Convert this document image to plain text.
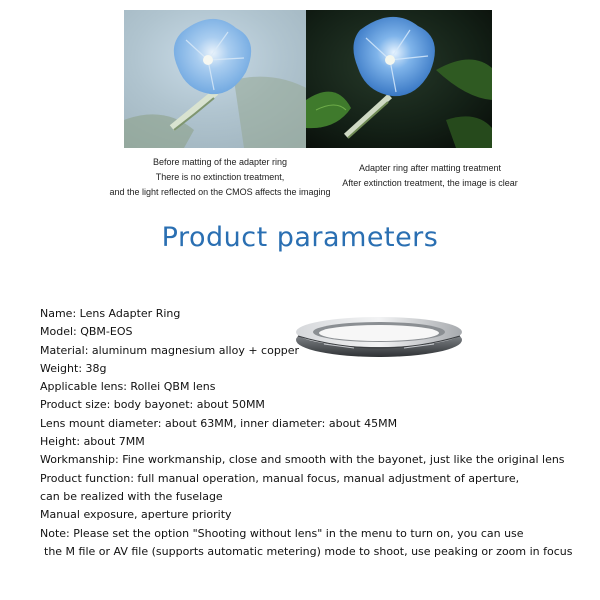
Before matting of the adapter ring
There is no extinction treatment,
and the light reflected on the CMOS affects the imaging
Adapter ring after matting treatment
After extinction treatment, the image is clear
Product parameters
Name: Lens Adapter Ring
Model: QBM-EOS
Material: aluminum magnesium alloy + copper
Weight: 38g
Applicable lens: Rollei QBM lens
Product size: body bayonet: about 50MM
Lens mount diameter: about 63MM, inner diameter: about 45MM
Height: about 7MM
Workmanship: Fine workmanship, close and smooth with the bayonet, just like the original lens
Product function: full manual operation, manual focus, manual adjustment of aperture,
can be realized with the fuselage
Manual exposure, aperture priority
Note: Please set the option "Shooting without lens" in the menu to turn on, you can use
the M file or AV file (supports automatic metering) mode to shoot, use peaking or zoom in focus
